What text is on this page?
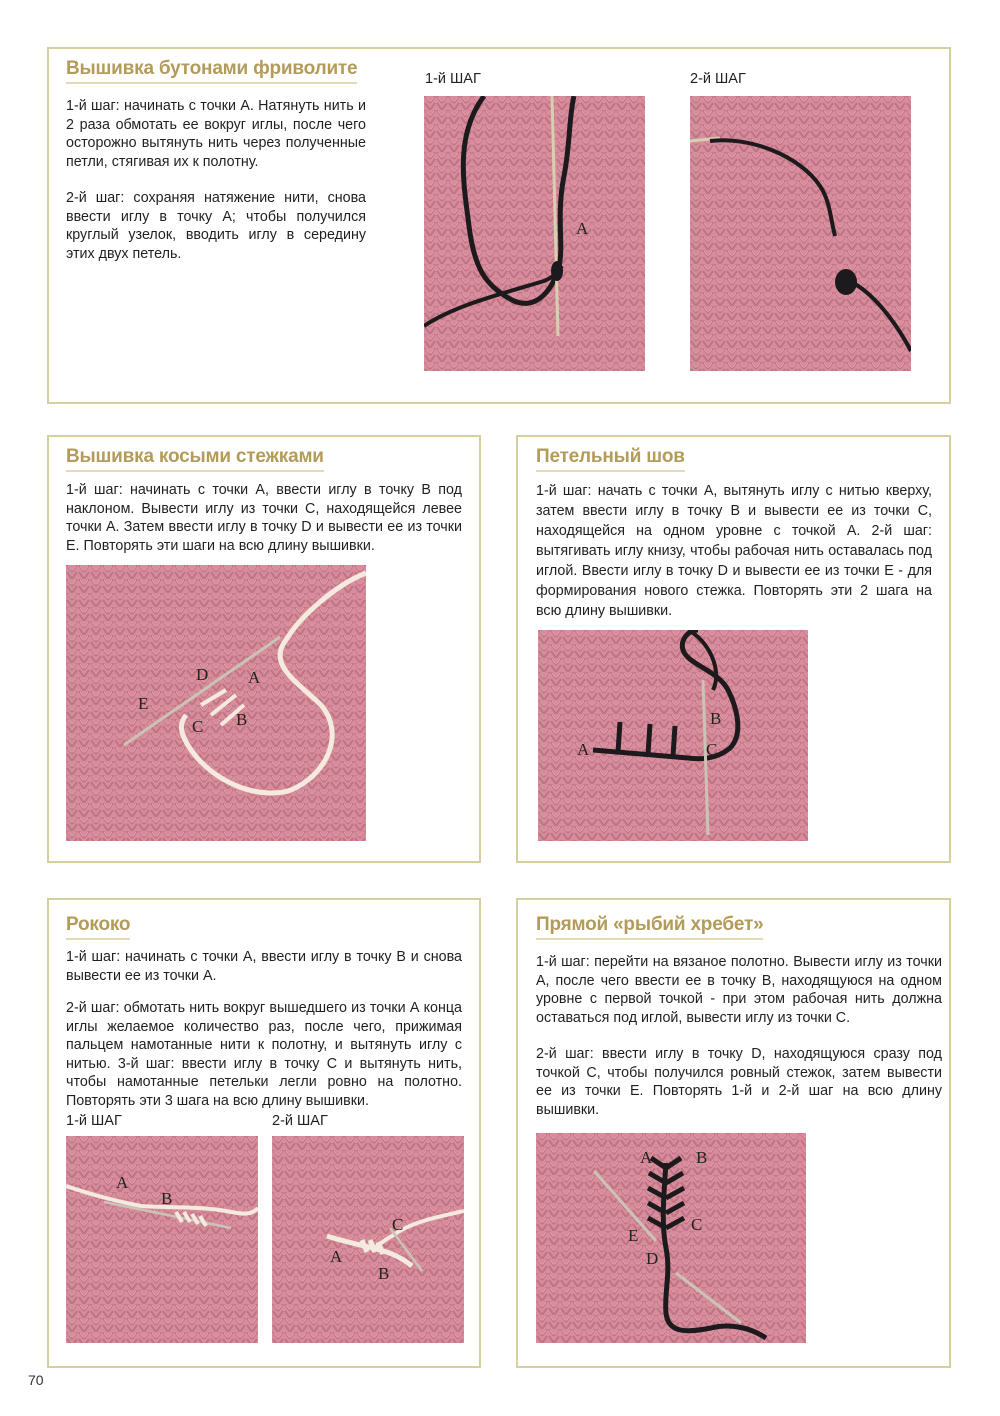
Вышивка бутонами фриволите

1-й шаг: начинать с точки А. Натянуть нить и 2 раза обмотать ее вокруг иглы, после чего осторожно вытянуть нить через полученные петли, стягивая их к полотну.

2-й шаг: сохраняя натяжение нити, снова ввести иглу в точку А; чтобы получился круглый узелок, вводить иглу в середину этих двух петель.

1-й ШАГ	2-й ШАГ
A
Вышивка косыми стежками
1-й шаг: начинать с точки А, ввести иглу в точку В под наклоном. Вывести иглу из точки С, находящейся левее точки А. Затем ввести иглу в точку D и вывести ее из точки Е. Повторять эти шаги на всю длину вышивки.
D A
E
C B
Петельный шов
1-й шаг: начать с точки А, вытянуть иглу с нитью кверху, затем ввести иглу в точку В и вывести ее из точки С, находящейся на одном уровне с точкой А. 2-й шаг: вытягивать иглу книзу, чтобы рабочая нить оставалась под иглой. Ввести иглу в точку D и вывести ее из точки Е - для формирования нового стежка. Повторять эти 2 шага на всю длину вышивки.
B
A	C
Рококо

1-й шаг: начинать с точки А, ввести иглу в точку В и снова вывести ее из точки А.

2-й шаг: обмотать нить вокруг вышедшего из точки А конца иглы желаемое количество раз, после чего, прижимая пальцем намотанные нити к полотну, и вытянуть иглу с нитью. 3-й шаг: ввести иглу в точку С и вытянуть нить, чтобы намотанные петельки легли ровно на полотно. Повторять эти 3 шага на всю длину вышивки.

1-й ШАГ	2-й ШАГ
A
B
C
A
B
Прямой «рыбий хребет»

1-й шаг: перейти на вязаное полотно. Вывести иглу из точки А, после чего ввести ее в точку В, находящуюся на одном уровне с первой точкой - при этом рабочая нить должна оставаться под иглой, вывести иглу из точки С.

2-й шаг: ввести иглу в точку D, находящуюся сразу под точкой С, чтобы получился ровный стежок, затем вывести ее из точки Е. Повторять 1-й и 2-й шаг на всю длину вышивки.

A	B
E
C
D
70
